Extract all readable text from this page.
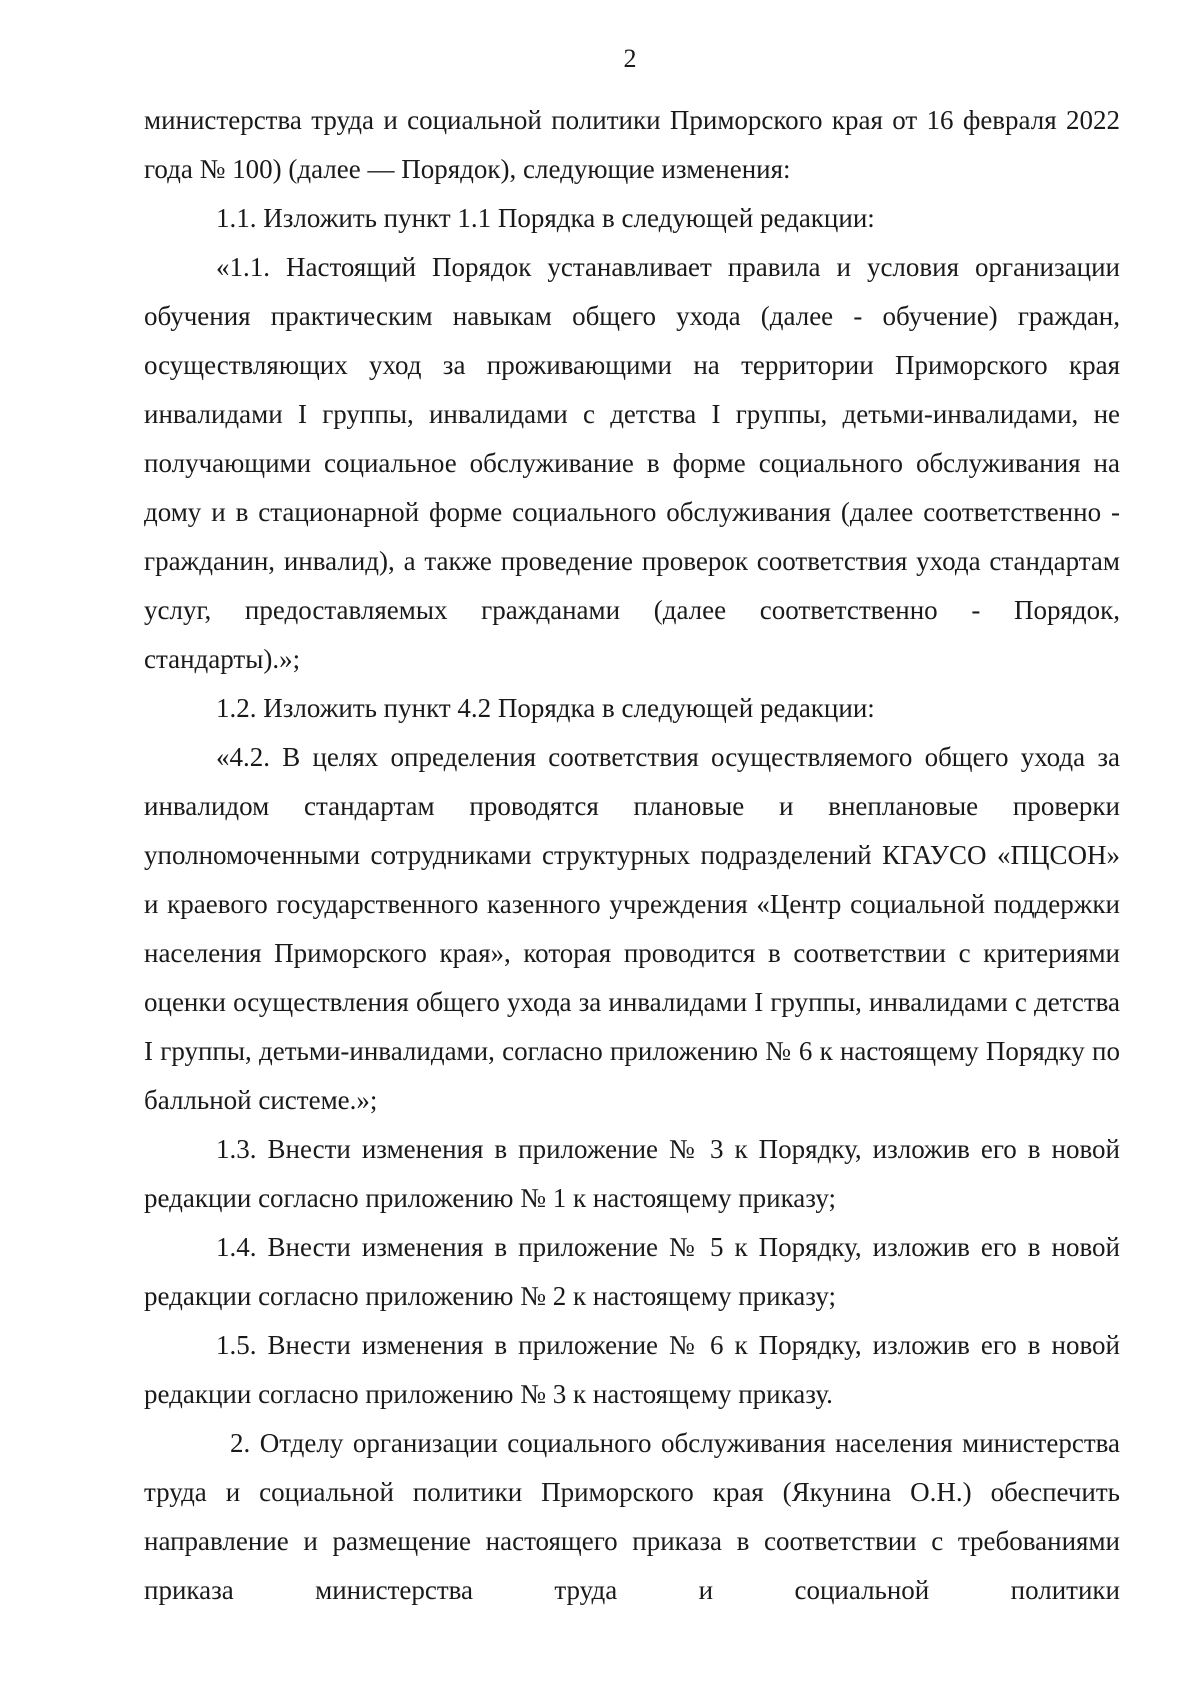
2

министерства труда и социальной политики Приморского края от 16 февраля 2022 года № 100) (далее — Порядок), следующие изменения:

1.1. Изложить пункт 1.1 Порядка в следующей редакции:

«1.1. Настоящий Порядок устанавливает правила и условия организации обучения практическим навыкам общего ухода (далее - обучение) граждан, осуществляющих уход за проживающими на территории Приморского края инвалидами I группы, инвалидами с детства I группы, детьми-инвалидами, не получающими социальное обслуживание в форме социального обслуживания на дому и в стационарной форме социального обслуживания (далее соответственно - гражданин, инвалид), а также проведение проверок соответствия ухода стандартам услуг, предоставляемых гражданами (далее соответственно - Порядок, стандарты).»;

1.2. Изложить пункт 4.2 Порядка в следующей редакции:

«4.2. В целях определения соответствия осуществляемого общего ухода за инвалидом стандартам проводятся плановые и внеплановые проверки уполномоченными сотрудниками структурных подразделений КГАУСО «ПЦСОН» и краевого государственного казенного учреждения «Центр социальной поддержки населения Приморского края», которая проводится в соответствии с критериями оценки осуществления общего ухода за инвалидами I группы, инвалидами с детства I группы, детьми-инвалидами, согласно приложению № 6 к настоящему Порядку по балльной системе.»;

1.3. Внести изменения в приложение № 3 к Порядку, изложив его в новой редакции согласно приложению № 1 к настоящему приказу;

1.4. Внести изменения в приложение № 5 к Порядку, изложив его в новой редакции согласно приложению № 2 к настоящему приказу;

1.5. Внести изменения в приложение № 6 к Порядку, изложив его в новой редакции согласно приложению № 3 к настоящему приказу.

2. Отделу организации социального обслуживания населения министерства труда и социальной политики Приморского края (Якунина О.Н.) обеспечить направление и размещение настоящего приказа в соответствии с требованиями приказа министерства труда и социальной политики
